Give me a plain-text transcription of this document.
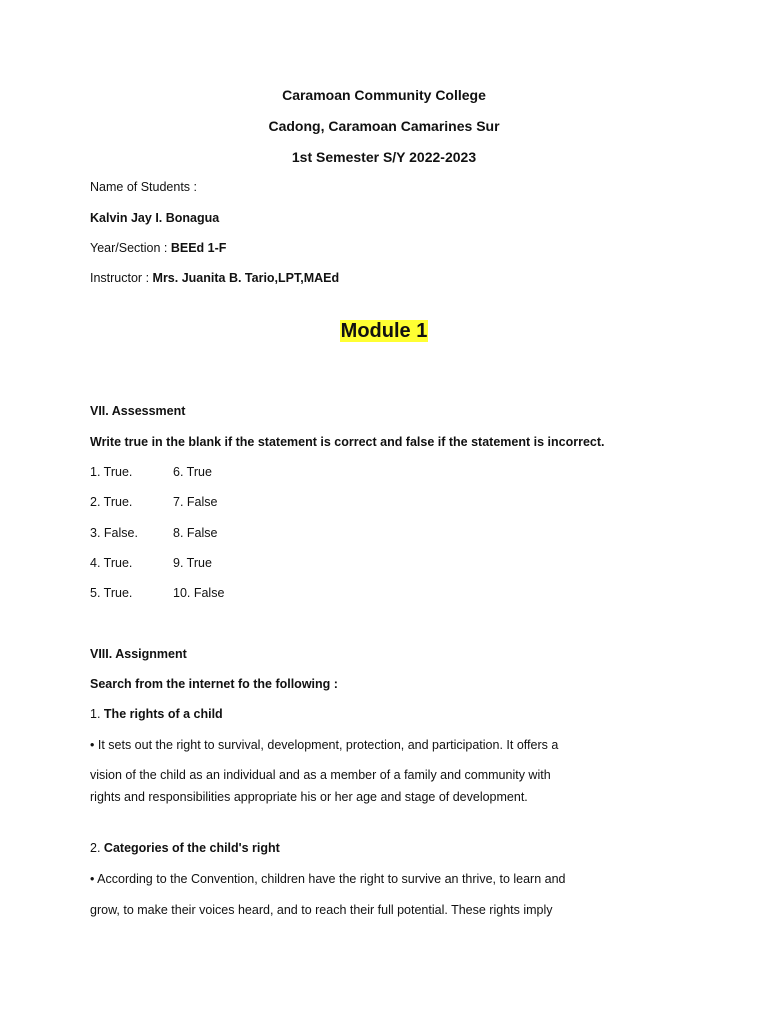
Caramoan Community College
Cadong, Caramoan Camarines Sur
1st Semester S/Y 2022-2023
Name of Students :
Kalvin Jay I. Bonagua
Year/Section : BEEd 1-F
Instructor : Mrs. Juanita B. Tario,LPT,MAEd
Module 1
VII. Assessment
Write true in the blank if the statement is correct and false if the statement is incorrect.
1. True.	6. True
2. True.	7. False
3. False.	8. False
4. True.	9. True
5. True.	10. False
VIII. Assignment
Search from the internet fo the following :
1. The rights of a child
• It sets out the right to survival, development, protection, and participation. It offers a
vision of the child as an individual and as a member of a family and community with
rights and responsibilities appropriate his or her age and stage of development.
2. Categories of the child's right
• According to the Convention, children have the right to survive an thrive, to learn and
grow, to make their voices heard, and to reach their full potential. These rights imply
